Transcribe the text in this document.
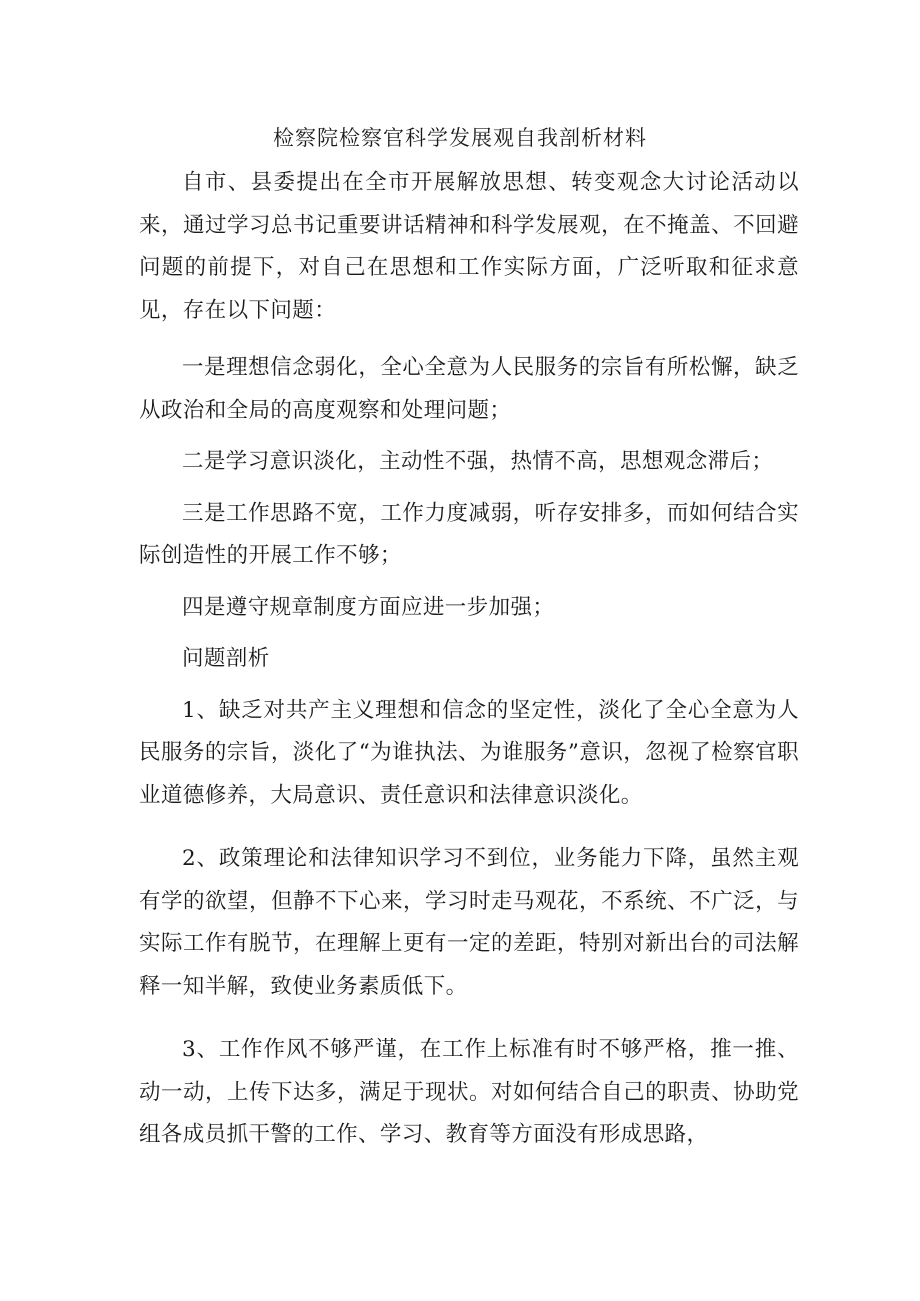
检察院检察官科学发展观自我剖析材料

自市、县委提出在全市开展解放思想、转变观念大讨论活动以来，通过学习总书记重要讲话精神和科学发展观，在不掩盖、不回避问题的前提下，对自己在思想和工作实际方面，广泛听取和征求意见，存在以下问题：

一是理想信念弱化，全心全意为人民服务的宗旨有所松懈，缺乏从政治和全局的高度观察和处理问题；

二是学习意识淡化，主动性不强，热情不高，思想观念滞后；

三是工作思路不宽，工作力度减弱，听存安排多，而如何结合实际创造性的开展工作不够；

四是遵守规章制度方面应进一步加强；

问题剖析

1、缺乏对共产主义理想和信念的坚定性，淡化了全心全意为人民服务的宗旨，淡化了“为谁执法、为谁服务”意识，忽视了检察官职业道德修养，大局意识、责任意识和法律意识淡化。

2、政策理论和法律知识学习不到位，业务能力下降，虽然主观有学的欲望，但静不下心来，学习时走马观花，不系统、不广泛，与实际工作有脱节，在理解上更有一定的差距，特别对新出台的司法解释一知半解，致使业务素质低下。

3、工作作风不够严谨，在工作上标准有时不够严格，推一推、动一动，上传下达多，满足于现状。对如何结合自己的职责、协助党组各成员抓干警的工作、学习、教育等方面没有形成思路，
